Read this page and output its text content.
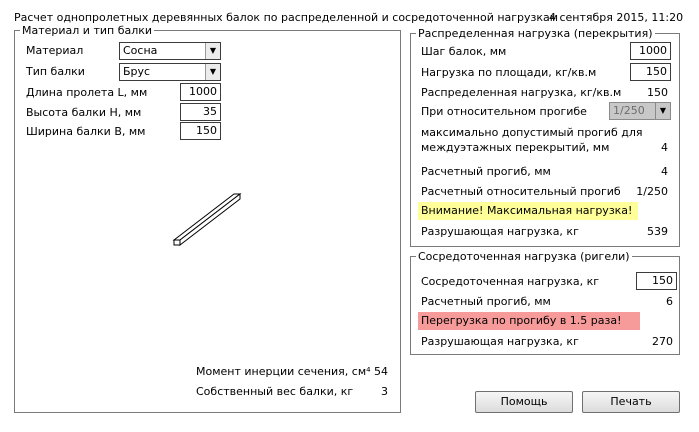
Расчет однопролетных деревянных балок по распределенной и сосредоточенной нагрузкам
4 сентября 2015, 11:20
Материал и тип балки
Материал	Сосна	▼
Тип балки	Брус	▼
Длина пролета L, мм	1000
Высота балки H, мм	35
Ширина балки B, мм	150
Момент инерции сечения, см⁴ 54
Собственный вес балки, кг	3
Распределенная нагрузка (перекрытия)
Шаг балок, мм	1000
Нагрузка по площади, кг/кв.м	150
Распределенная нагрузка, кг/кв.м 150
При относительном прогибе	1/250	▼
максимально допустимый прогиб для
междуэтажных перекрытий, мм	4
Расчетный прогиб, мм	4
Расчетный относительный прогиб 1/250
Внимание! Максимальная нагрузка!
Разрушающая нагрузка, кг	539
Сосредоточенная нагрузка (ригели)
Сосредоточенная нагрузка, кг	150
Расчетный прогиб, мм	6
Перегрузка по прогибу в 1.5 раза!
Разрушающая нагрузка, кг	270
Помощь	Печать
